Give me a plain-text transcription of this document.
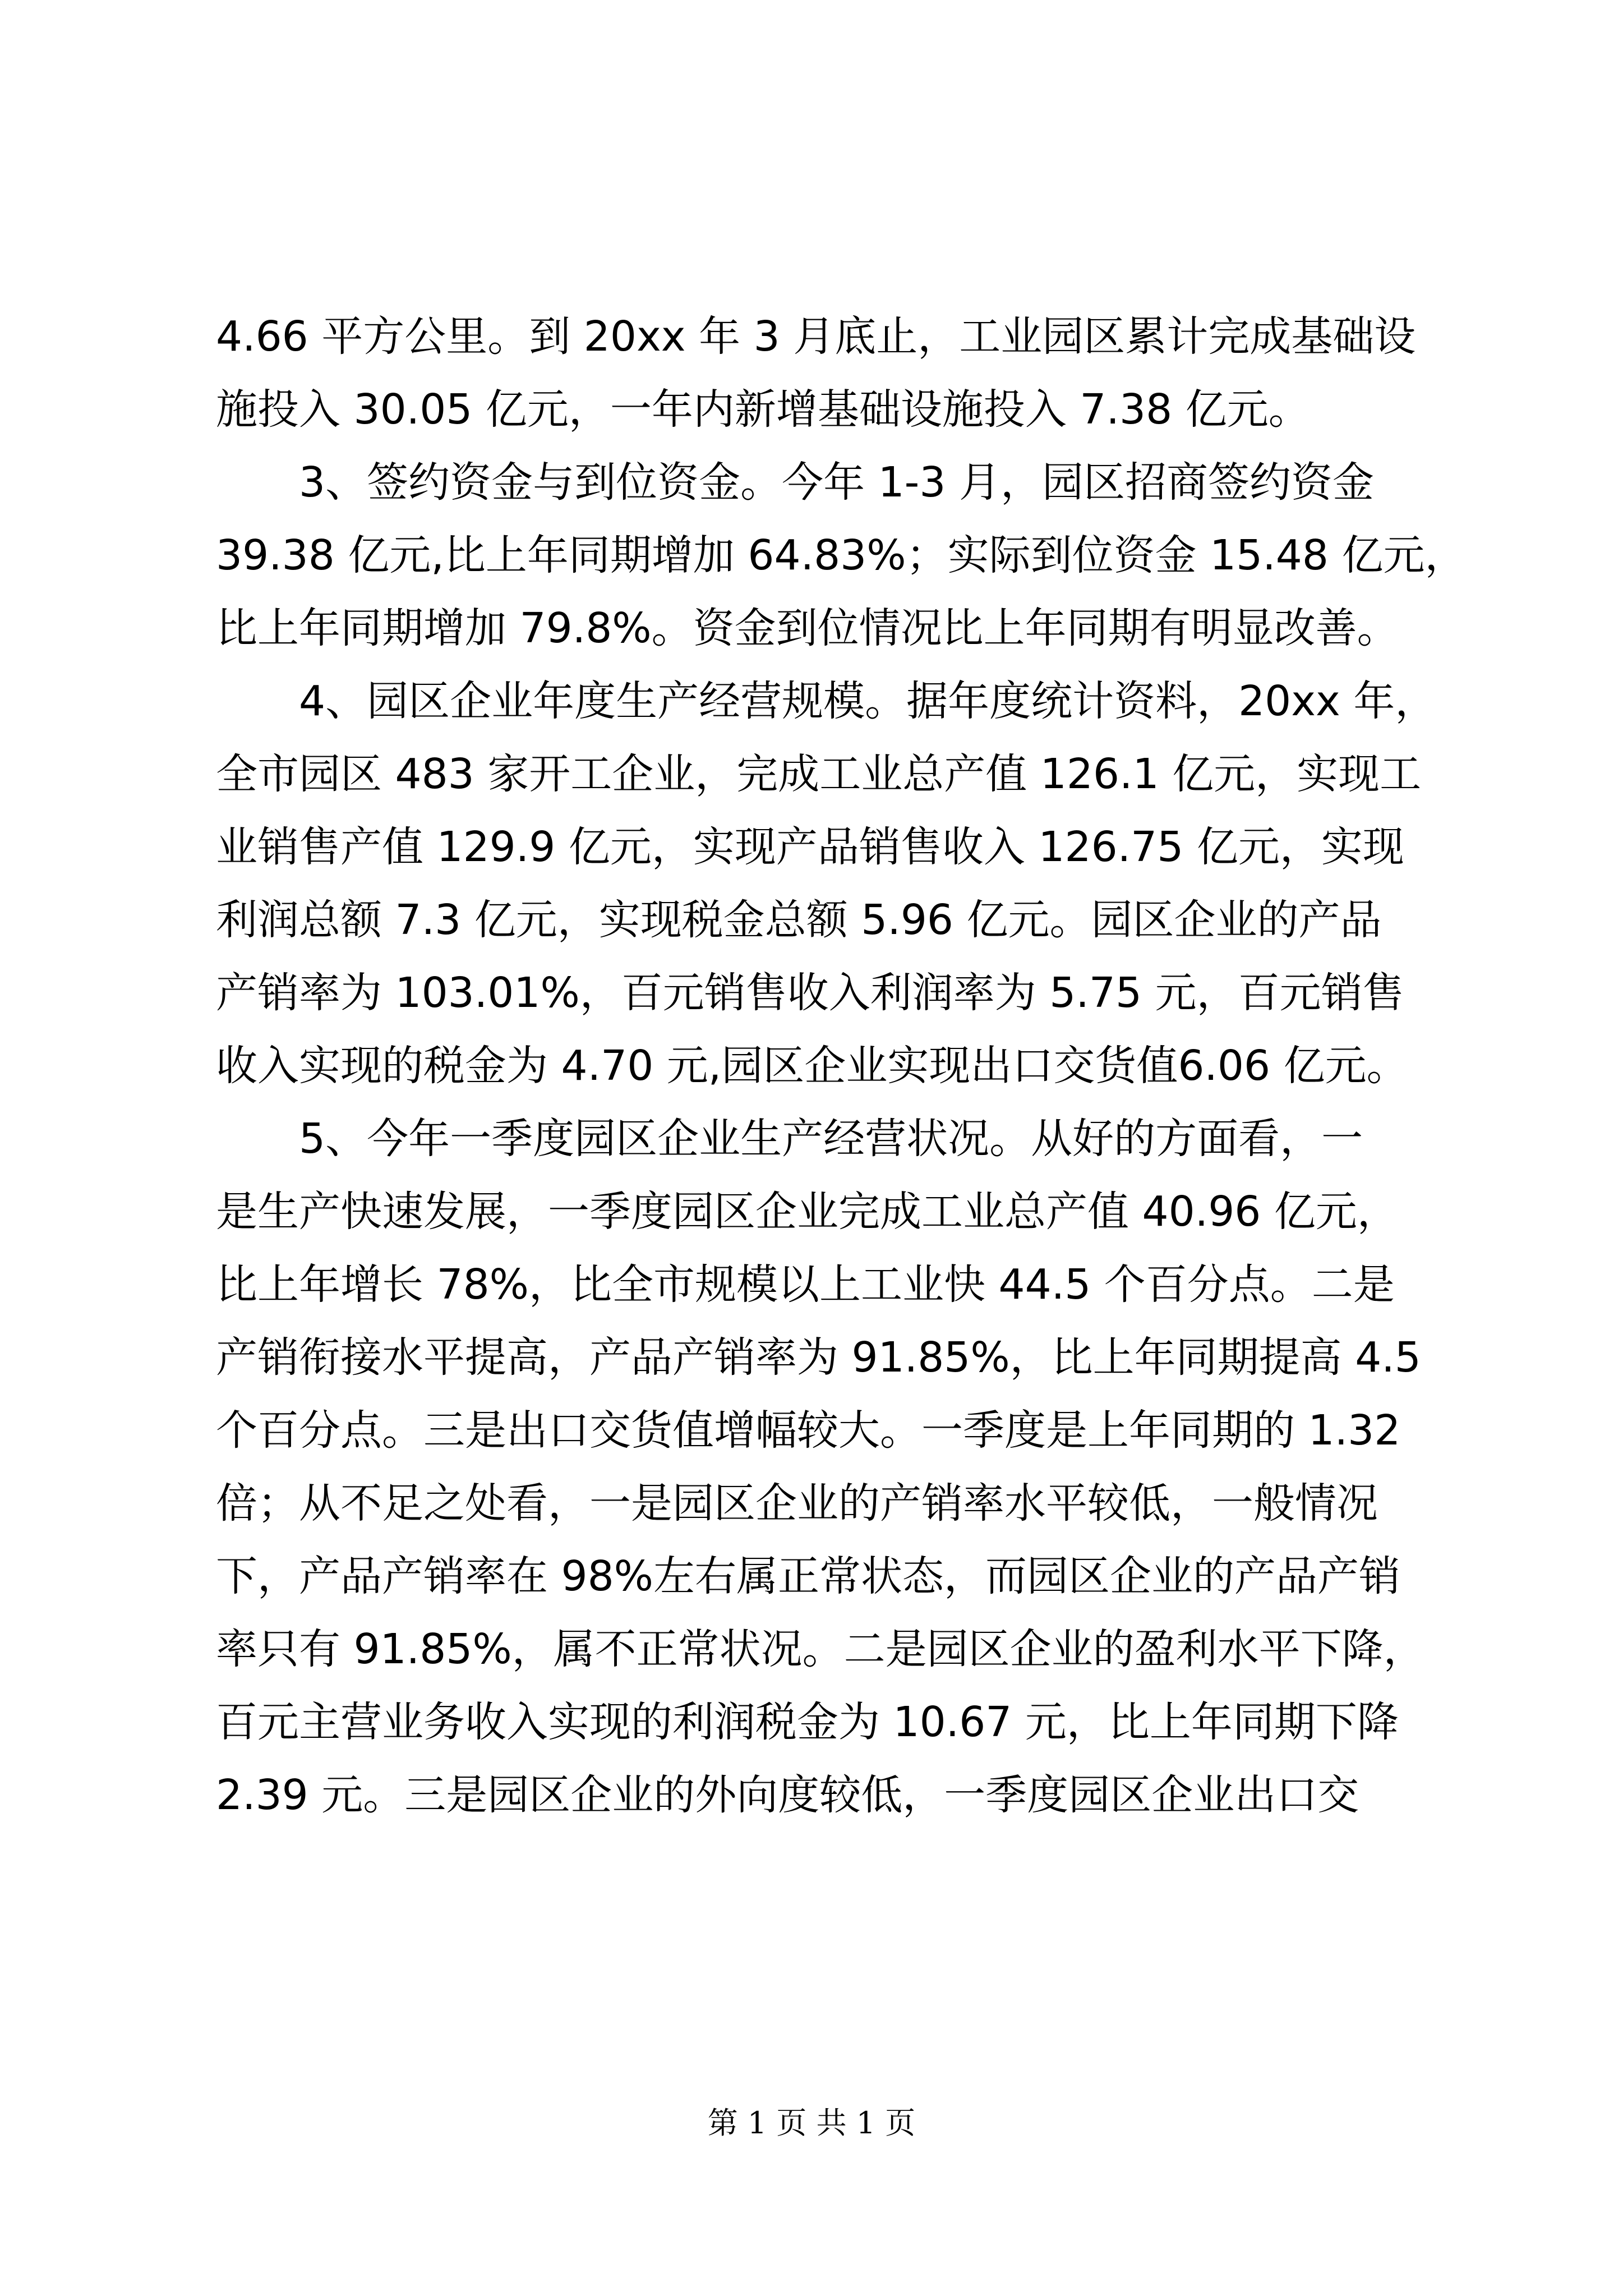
4.66 平方公里。到 20xx 年 3 月底止，工业园区累计完成基础设
施投入 30.05 亿元，一年内新增基础设施投入 7.38 亿元。
3、签约资金与到位资金。今年 1-3 月，园区招商签约资金
39.38 亿元,比上年同期增加 64.83%；实际到位资金 15.48 亿元，
比上年同期增加 79.8%。资金到位情况比上年同期有明显改善。
4、园区企业年度生产经营规模。据年度统计资料，20xx 年，
全市园区 483 家开工企业，完成工业总产值 126.1 亿元，实现工
业销售产值 129.9 亿元，实现产品销售收入 126.75 亿元，实现
利润总额 7.3 亿元，实现税金总额 5.96 亿元。园区企业的产品
产销率为 103.01%，百元销售收入利润率为 5.75 元，百元销售
收入实现的税金为 4.70 元,园区企业实现出口交货值6.06 亿元。
5、今年一季度园区企业生产经营状况。从好的方面看，一
是生产快速发展，一季度园区企业完成工业总产值 40.96 亿元，
比上年增长 78%，比全市规模以上工业快 44.5 个百分点。二是
产销衔接水平提高，产品产销率为 91.85%，比上年同期提高 4.5
个百分点。三是出口交货值增幅较大。一季度是上年同期的 1.32
倍；从不足之处看，一是园区企业的产销率水平较低，一般情况
下，产品产销率在 98%左右属正常状态，而园区企业的产品产销
率只有 91.85%，属不正常状况。二是园区企业的盈利水平下降，
百元主营业务收入实现的利润税金为 10.67 元，比上年同期下降
2.39 元。三是园区企业的外向度较低，一季度园区企业出口交
第 1 页 共 1 页
